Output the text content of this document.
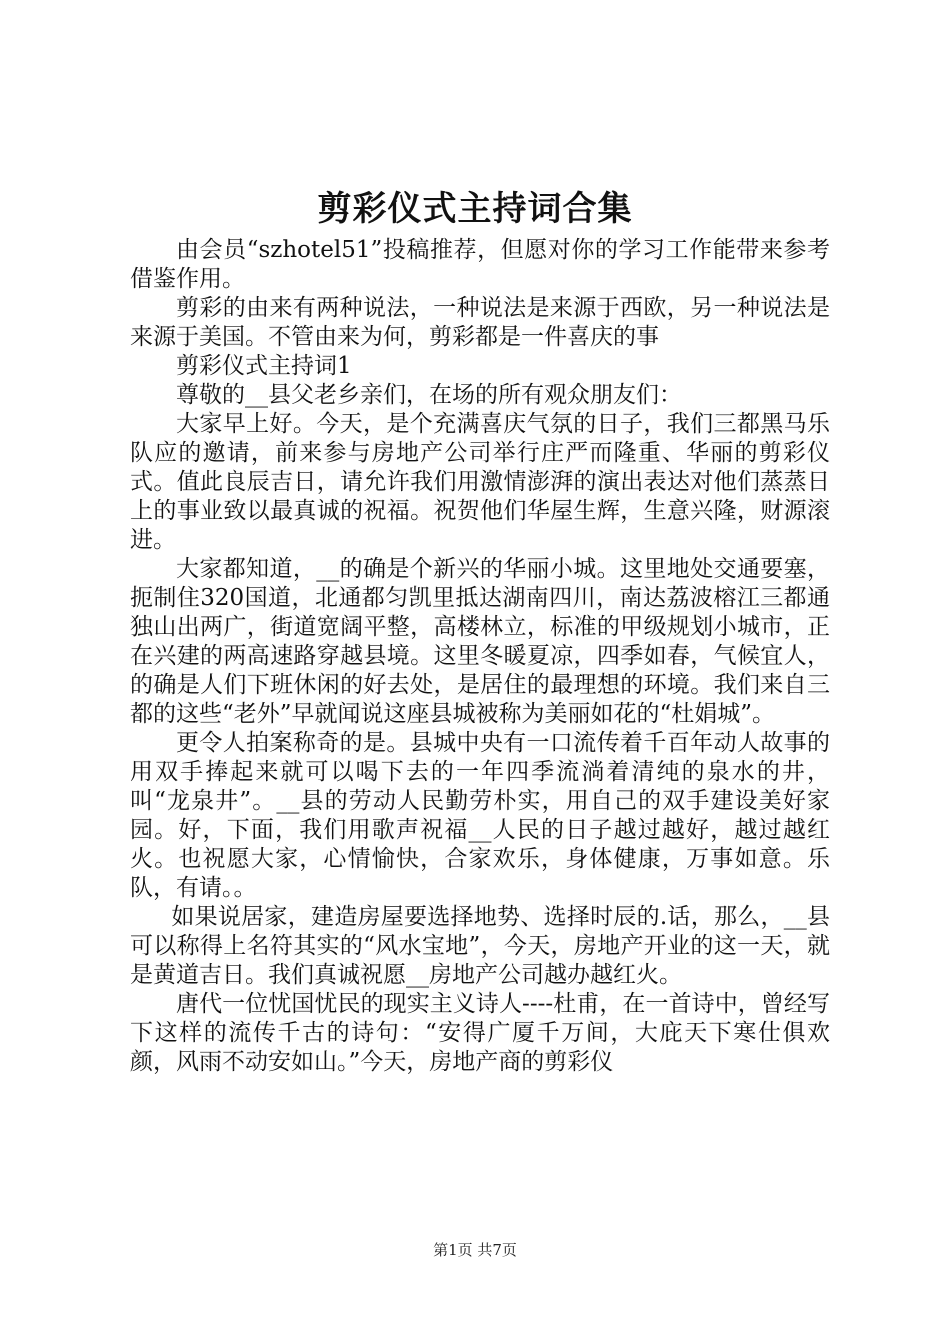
剪彩仪式主持词合集

由会员“szhotel51”投稿推荐，但愿对你的学习工作能带来参考借鉴作用。

剪彩的由来有两种说法，一种说法是来源于西欧，另一种说法是来源于美国。不管由来为何，剪彩都是一件喜庆的事

剪彩仪式主持词1

尊敬的__县父老乡亲们，在场的所有观众朋友们：

大家早上好。今天，是个充满喜庆气氛的日子，我们三都黑马乐队应的邀请，前来参与房地产公司举行庄严而隆重、华丽的剪彩仪式。值此良辰吉日，请允许我们用激情澎湃的演出表达对他们蒸蒸日上的事业致以最真诚的祝福。祝贺他们华屋生辉，生意兴隆，财源滚进。

大家都知道，__的确是个新兴的华丽小城。这里地处交通要塞，扼制住320国道，北通都匀凯里抵达湖南四川，南达荔波榕江三都通独山出两广，街道宽阔平整，高楼林立，标准的甲级规划小城市，正在兴建的两高速路穿越县境。这里冬暖夏凉，四季如春，气候宜人，的确是人们下班休闲的好去处，是居住的最理想的环境。我们来自三都的这些“老外”早就闻说这座县城被称为美丽如花的“杜娟城”。

更令人拍案称奇的是。县城中央有一口流传着千百年动人故事的用双手捧起来就可以喝下去的一年四季流淌着清纯的泉水的井，叫“龙泉井”。__县的劳动人民勤劳朴实，用自己的双手建设美好家园。好，下面，我们用歌声祝福__人民的日子越过越好，越过越红火。也祝愿大家，心情愉快，合家欢乐，身体健康，万事如意。乐队，有请。。

如果说居家，建造房屋要选择地势、选择时辰的.话，那么，__县可以称得上名符其实的“风水宝地”，今天，房地产开业的这一天，就是黄道吉日。我们真诚祝愿__房地产公司越办越红火。

唐代一位忧国忧民的现实主义诗人----杜甫，在一首诗中，曾经写下这样的流传千古的诗句：“安得广厦千万间，大庇天下寒仕俱欢颜，风雨不动安如山。”今天，房地产商的剪彩仪

第1页 共7页
